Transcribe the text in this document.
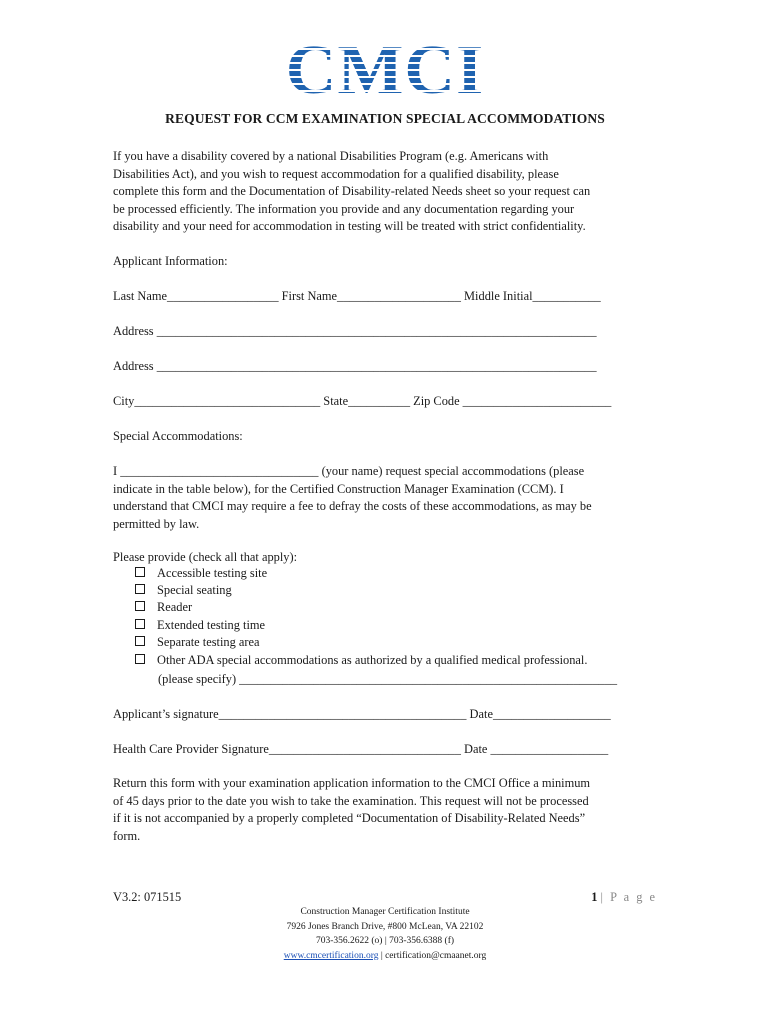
CMCI
REQUEST FOR CCM EXAMINATION SPECIAL ACCOMMODATIONS
If you have a disability covered by a national Disabilities Program (e.g. Americans with
Disabilities Act), and you wish to request accommodation for a qualified disability, please
complete this form and the Documentation of Disability-related Needs sheet so your request can
be processed efficiently. The information you provide and any documentation regarding your
disability and your need for accommodation in testing will be treated with strict confidentiality.
Applicant Information:
Last Name__________________ First Name____________________ Middle Initial___________
Address _______________________________________________________________________
Address _______________________________________________________________________
City______________________________ State__________ Zip Code ________________________
Special Accommodations:
I ________________________________ (your name) request special accommodations (please
indicate in the table below), for the Certified Construction Manager Examination (CCM). I
understand that CMCI may require a fee to defray the costs of these accommodations, as may be
permitted by law.
Please provide (check all that apply):
Accessible testing site
Special seating
Reader
Extended testing time
Separate testing area
Other ADA special accommodations as authorized by a qualified medical professional.
(please specify) _____________________________________________________________
Applicant’s signature________________________________________ Date___________________
Health Care Provider Signature_______________________________ Date ___________________
Return this form with your examination application information to the CMCI Office a minimum
of 45 days prior to the date you wish to take the examination. This request will not be processed
if it is not accompanied by a properly completed “Documentation of Disability-Related Needs”
form.
V3.2: 071515	1 | P a g e
Construction Manager Certification Institute
7926 Jones Branch Drive, #800 McLean, VA 22102
703-356.2622 (o) | 703-356.6388 (f)
www.cmcertification.org | certification@cmaanet.org
